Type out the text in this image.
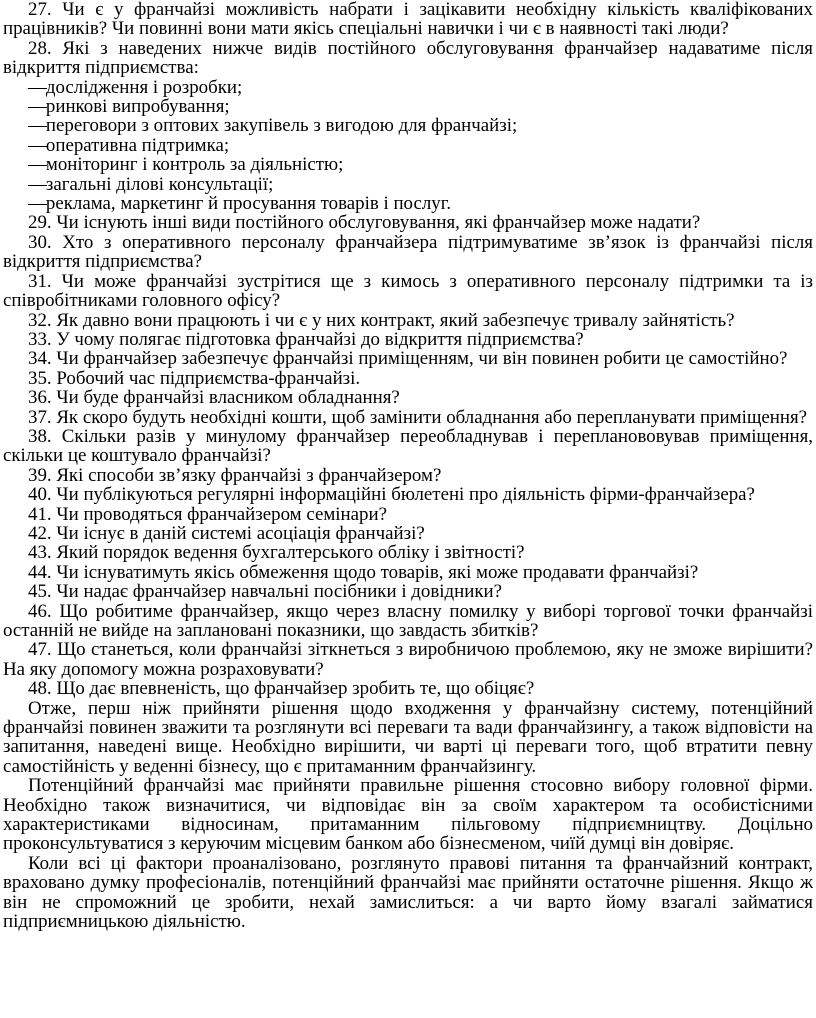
27. Чи є у франчайзі можливість набрати і зацікавити необхідну кількість кваліфікованих працівників? Чи повинні вони мати якісь спеціальні навички і чи є в наявності такі люди?

28. Які з наведених нижче видів постійного обслуговування франчайзер надаватиме після відкриття підприємства:

—дослідження і розробки;

—ринкові випробування;

—переговори з оптових закупівель з вигодою для франчайзі;

—оперативна підтримка;

—моніторинг і контроль за діяльністю;

—загальні ділові консультації;

—реклама, маркетинг й просування товарів і послуг.

29. Чи існують інші види постійного обслуговування, які франчайзер може надати?

30. Хто з оперативного персоналу франчайзера підтримуватиме зв’язок із франчайзі після відкриття підприємства?

31. Чи може франчайзі зустрітися ще з кимось з оперативного персоналу підтримки та із співробітниками головного офісу?

32. Як давно вони працюють і чи є у них контракт, який забезпечує тривалу зайнятість?

33. У чому полягає підготовка франчайзі до відкриття підприємства?

34. Чи франчайзер забезпечує франчайзі приміщенням, чи він повинен робити це самостійно?

35. Робочий час підприємства-франчайзі.

36. Чи буде франчайзі власником обладнання?

37. Як скоро будуть необхідні кошти, щоб замінити обладнання або перепланувати приміщення?

38. Скільки разів у минулому франчайзер переобладнував і перепланововував приміщення, скільки це коштувало франчайзі?

39. Які способи зв’язку франчайзі з франчайзером?

40. Чи публікуються регулярні інформаційні бюлетені про діяльність фірми-франчайзера?

41. Чи проводяться франчайзером семінари?

42. Чи існує в даній системі асоціація франчайзі?

43. Який порядок ведення бухгалтерського обліку і звітності?

44. Чи існуватимуть якісь обмеження щодо товарів, які може продавати франчайзі?

45. Чи надає франчайзер навчальні посібники і довідники?

46. Що робитиме франчайзер, якщо через власну помилку у виборі торгової точки франчайзі останній не вийде на заплановані показники, що завдасть збитків?

47. Що станеться, коли франчайзі зіткнеться з виробничою проблемою, яку не зможе вирішити? На яку допомогу можна розраховувати?

48. Що дає впевненість, що франчайзер зробить те, що обіцяє?

Отже, перш ніж прийняти рішення щодо входження у франчайзну систему, потенційний франчайзі повинен зважити та розглянути всі переваги та вади франчайзингу, а також відповісти на запитання, наведені вище. Необхідно вирішити, чи варті ці переваги того, щоб втратити певну самостійність у веденні бізнесу, що є притаманним франчайзингу.

Потенційний франчайзі має прийняти правильне рішення стосовно вибору головної фірми. Необхідно також визначитися, чи відповідає він за своїм характером та особистісними характеристиками відносинам, притаманним пільговому підприємництву. Доцільно проконсультуватися з керуючим місцевим банком або бізнесменом, чиїй думці він довіряє.

Коли всі ці фактори проаналізовано, розглянуто правові питання та франчайзний контракт, враховано думку професіоналів, потенційний франчайзі має прийняти остаточне рішення. Якщо ж він не спроможний це зробити, нехай замислиться: а чи варто йому взагалі займатися підприємницькою діяльністю.
